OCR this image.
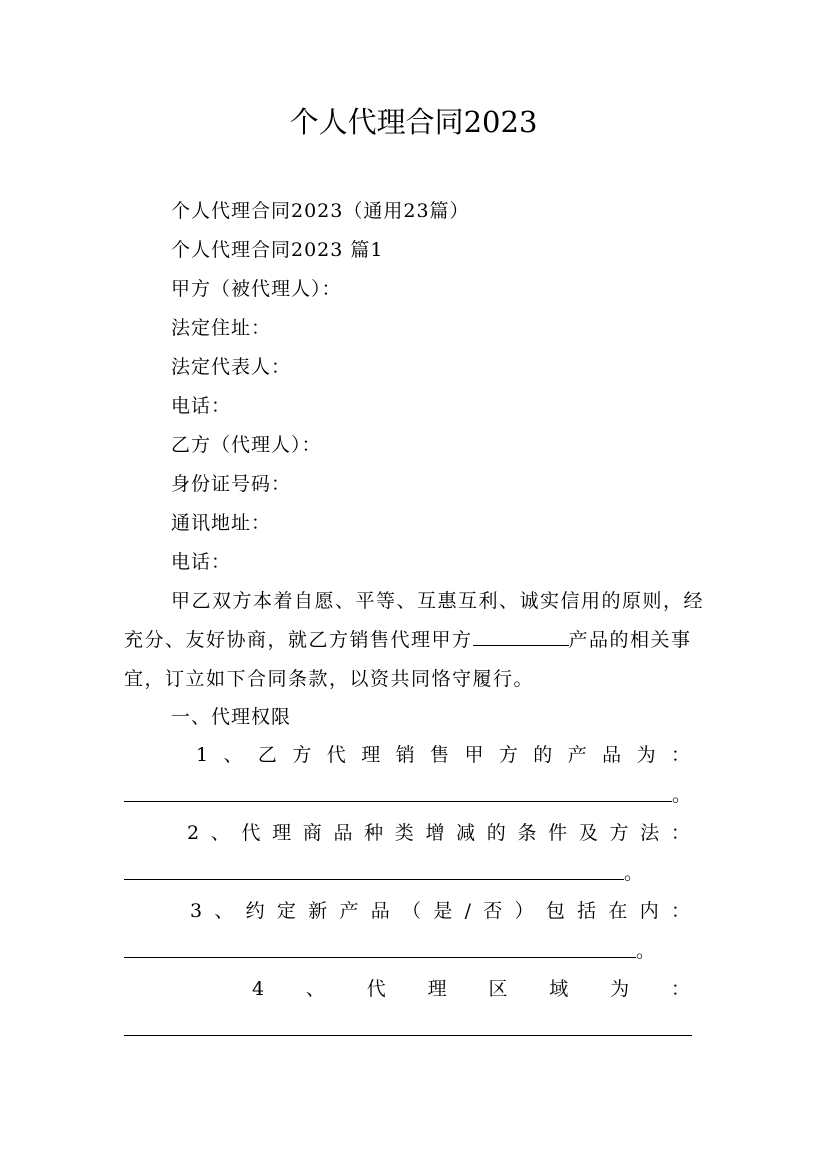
个人代理合同2023
个人代理合同2023（通用23篇）
个人代理合同2023 篇1
甲方（被代理人）：
法定住址：
法定代表人：
电话：
乙方（代理人）：
身份证号码：
通讯地址：
电话：

甲乙双方本着自愿、平等、互惠互利、诚实信用的原则，经充分、友好协商，就乙方销售代理甲方	产品的相关事宜，订立如下合同条款，以资共同恪守履行。

一、代理权限
1 、 乙 方 代 理 销 售 甲 方 的 产 品 为 ：
。
2 、 代 理 商 品 种 类 增 减 的 条 件 及 方 法 ：
。
3 、 约 定 新 产 品 （ 是 / 否 ） 包 括 在 内 ：
。
4 、 代 理 区 域 为 ：
